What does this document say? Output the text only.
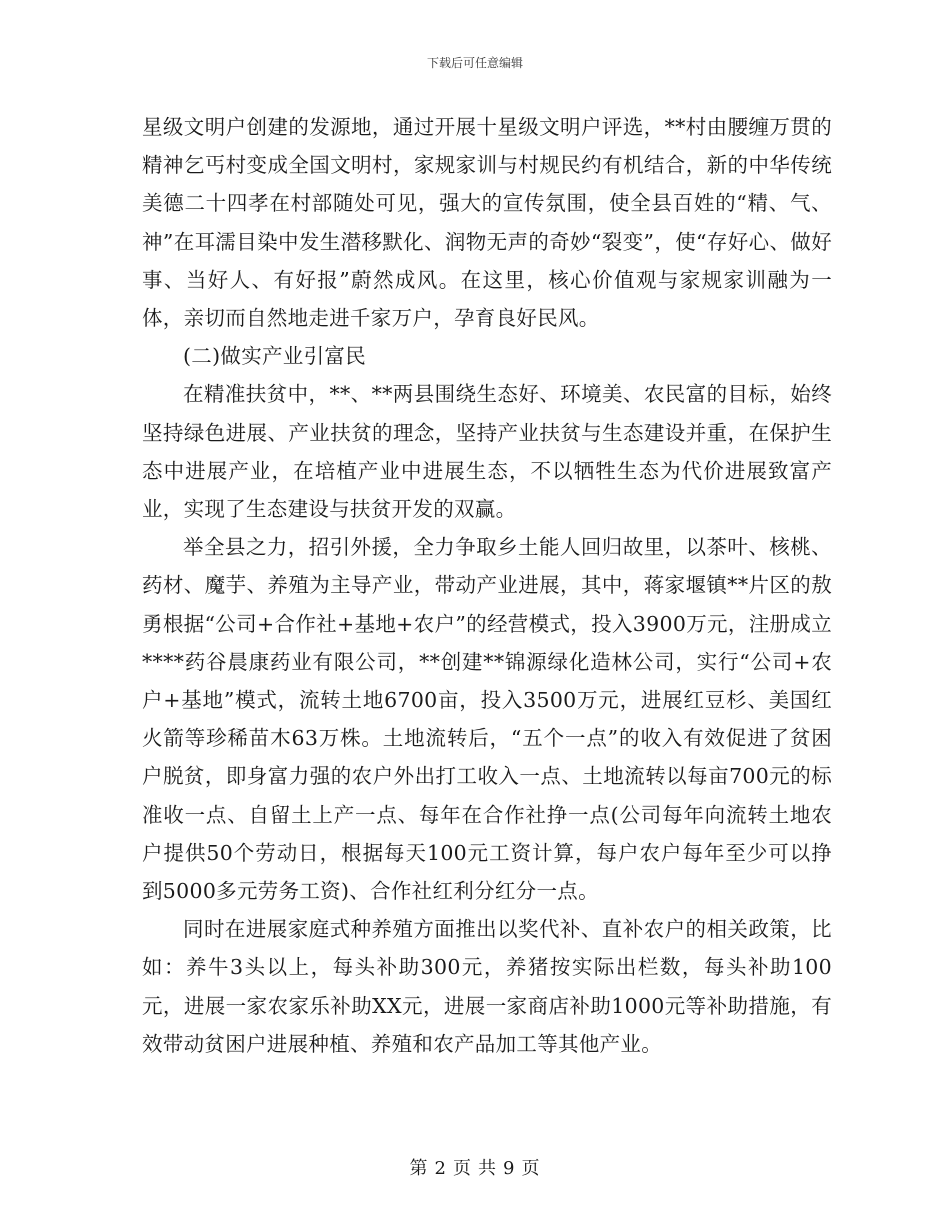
下载后可任意编辑

星级文明户创建的发源地，通过开展十星级文明户评选，**村由腰缠万贯的精神乞丐村变成全国文明村，家规家训与村规民约有机结合，新的中华传统美德二十四孝在村部随处可见，强大的宣传氛围，使全县百姓的“精、气、神”在耳濡目染中发生潜移默化、润物无声的奇妙“裂变”，使“存好心、做好事、当好人、有好报”蔚然成风。在这里，核心价值观与家规家训融为一体，亲切而自然地走进千家万户，孕育良好民风。

(二)做实产业引富民

在精准扶贫中，**、**两县围绕生态好、环境美、农民富的目标，始终坚持绿色进展、产业扶贫的理念，坚持产业扶贫与生态建设并重，在保护生态中进展产业，在培植产业中进展生态，不以牺牲生态为代价进展致富产业，实现了生态建设与扶贫开发的双赢。

举全县之力，招引外援，全力争取乡土能人回归故里，以茶叶、核桃、药材、魔芋、养殖为主导产业，带动产业进展，其中，蒋家堰镇**片区的敖勇根据“公司+合作社+基地+农户”的经营模式，投入3900万元，注册成立****药谷晨康药业有限公司，**创建**锦源绿化造林公司，实行“公司+农户+基地”模式，流转土地6700亩，投入3500万元，进展红豆杉、美国红火箭等珍稀苗木63万株。土地流转后，“五个一点”的收入有效促进了贫困户脱贫，即身富力强的农户外出打工收入一点、土地流转以每亩700元的标准收一点、自留土上产一点、每年在合作社挣一点(公司每年向流转土地农户提供50个劳动日，根据每天100元工资计算，每户农户每年至少可以挣到5000多元劳务工资)、合作社红利分红分一点。

同时在进展家庭式种养殖方面推出以奖代补、直补农户的相关政策，比如：养牛3头以上，每头补助300元，养猪按实际出栏数，每头补助100元，进展一家农家乐补助XX元，进展一家商店补助1000元等补助措施，有效带动贫困户进展种植、养殖和农产品加工等其他产业。

第 2 页 共 9 页
